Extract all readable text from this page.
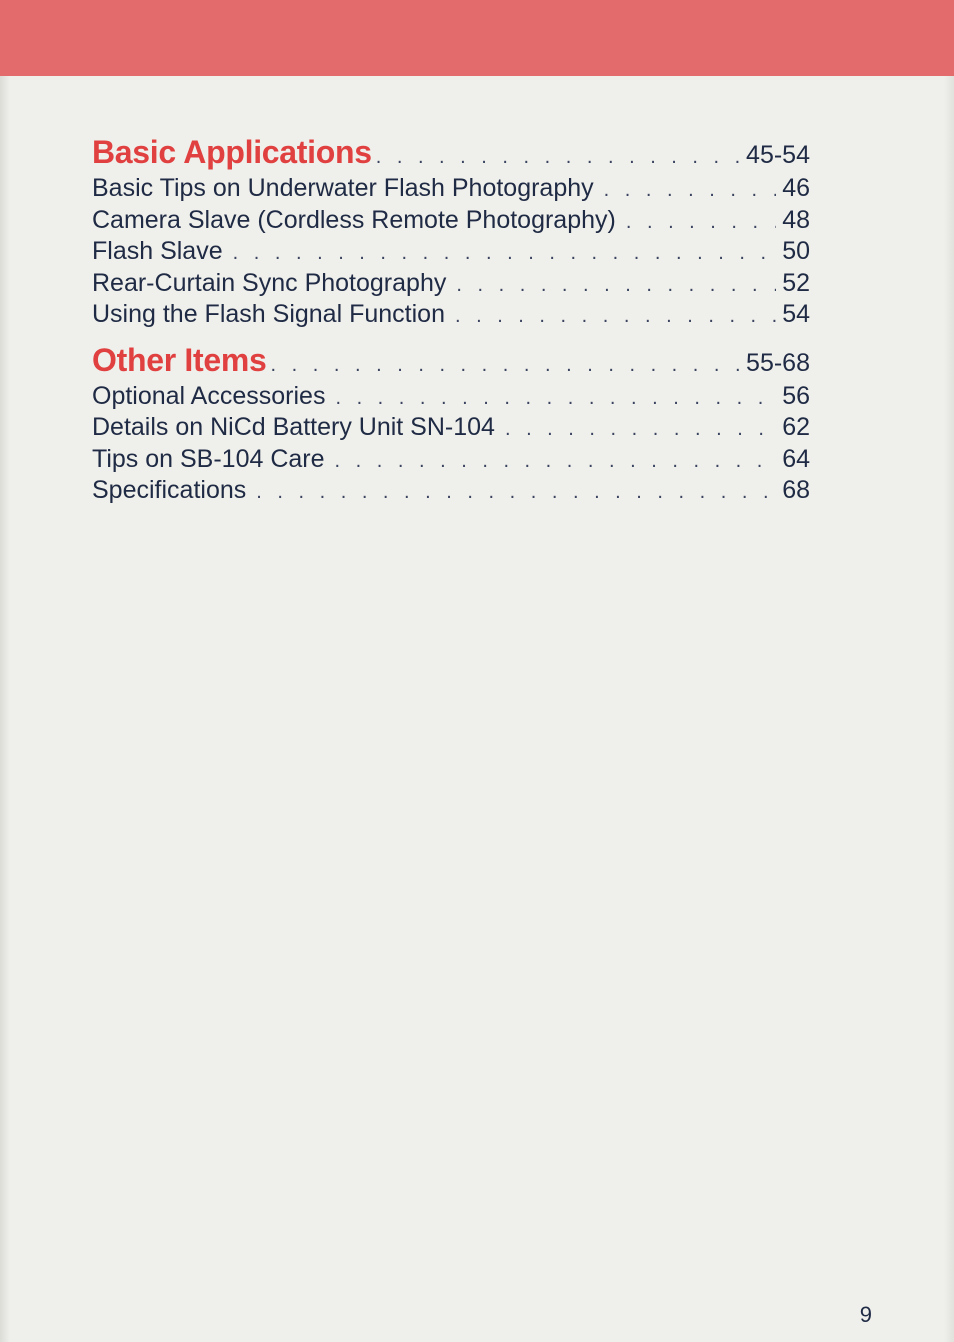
Basic Applications . . .	45-54
Basic Tips on Underwater Flash Photography . . .	46
Camera Slave (Cordless Remote Photography) . . .	48
Flash Slave . . .	50
Rear-Curtain Sync Photography . . .	52
Using the Flash Signal Function . . .	54
Other Items . . .	55-68
Optional Accessories . . .	56
Details on NiCd Battery Unit SN-104 . . .	62
Tips on SB-104 Care . . .	64
Specifications . . .	68
9
